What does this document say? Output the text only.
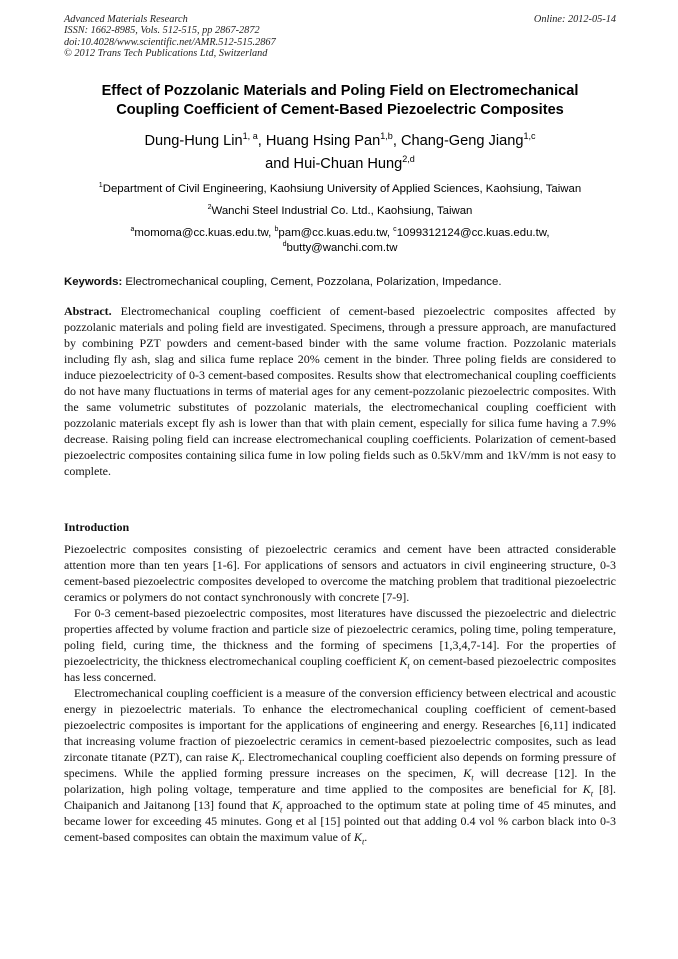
Advanced Materials Research
ISSN: 1662-8985, Vols. 512-515, pp 2867-2872
doi:10.4028/www.scientific.net/AMR.512-515.2867
© 2012 Trans Tech Publications Ltd, Switzerland
Online: 2012-05-14
Effect of Pozzolanic Materials and Poling Field on Electromechanical
Coupling Coefficient of Cement-Based Piezoelectric Composites
Dung-Hung Lin$^{1, a}$, Huang Hsing Pan$^{1,b}$, Chang-Geng Jiang$^{1,c}$
and Hui-Chuan Hung$^{2,d}$
$^1$Department of Civil Engineering, Kaohsiung University of Applied Sciences, Kaohsiung, Taiwan
$^2$Wanchi Steel Industrial Co. Ltd., Kaohsiung, Taiwan
$^a$momoma@cc.kuas.edu.tw, $^b$pam@cc.kuas.edu.tw, $^c$1099312124@cc.kuas.edu.tw,
$^d$butty@wanchi.com.tw
Keywords: Electromechanical coupling, Cement, Pozzolana, Polarization, Impedance.
Abstract. Electromechanical coupling coefficient of cement-based piezoelectric composites affected by pozzolanic materials and poling field are investigated. Specimens, through a pressure approach, are manufactured by combining PZT powders and cement-based binder with the same volume fraction. Pozzolanic materials including fly ash, slag and silica fume replace 20% cement in the binder. Three poling fields are considered to induce piezoelectricity of 0-3 cement-based composites. Results show that electromechanical coupling coefficients do not have many fluctuations in terms of material ages for any cement-pozzolanic piezoelectric composites. With the same volumetric substitutes of pozzolanic materials, the electromechanical coupling coefficient with pozzolanic materials except fly ash is lower than that with plain cement, especially for silica fume having a 7.9% decrease. Raising poling field can increase electromechanical coupling coefficients. Polarization of cement-based piezoelectric composites containing silica fume in low poling fields such as 0.5kV/mm and 1kV/mm is not easy to complete.
Introduction

Piezoelectric composites consisting of piezoelectric ceramics and cement have been attracted considerable attention more than ten years [1-6]. For applications of sensors and actuators in civil engineering structure, 0-3 cement-based piezoelectric composites developed to overcome the matching problem that traditional piezoelectric ceramics or polymers do not contact synchronously with concrete [7-9].

For 0-3 cement-based piezoelectric composites, most literatures have discussed the piezoelectric and dielectric properties affected by volume fraction and particle size of piezoelectric ceramics, poling time, poling temperature, poling field, curing time, the thickness and the forming of specimens [1,3,4,7-14]. For the properties of piezoelectricity, the thickness electromechanical coupling coefficient $K_t$ on cement-based piezoelectric composites has less concerned.

Electromechanical coupling coefficient is a measure of the conversion efficiency between electrical and acoustic energy in piezoelectric materials. To enhance the electromechanical coupling coefficient of cement-based piezoelectric composites is important for the applications of engineering and energy. Researches [6,11] indicated that increasing volume fraction of piezoelectric ceramics in cement-based piezoelectric composites, such as lead zirconate titanate (PZT), can raise $K_t$. Electromechanical coupling coefficient also depends on forming pressure of specimens. While the applied forming pressure increases on the specimen, $K_t$ will decrease [12]. In the polarization, high poling voltage, temperature and time applied to the composites are beneficial for $K_t$ [8]. Chaipanich and Jaitanong [13] found that $K_t$ approached to the optimum state at poling time of 45 minutes, and became lower for exceeding 45 minutes. Gong et al [15] pointed out that adding 0.4 vol % carbon black into 0-3 cement-based composites can obtain the maximum value of $K_t$.
